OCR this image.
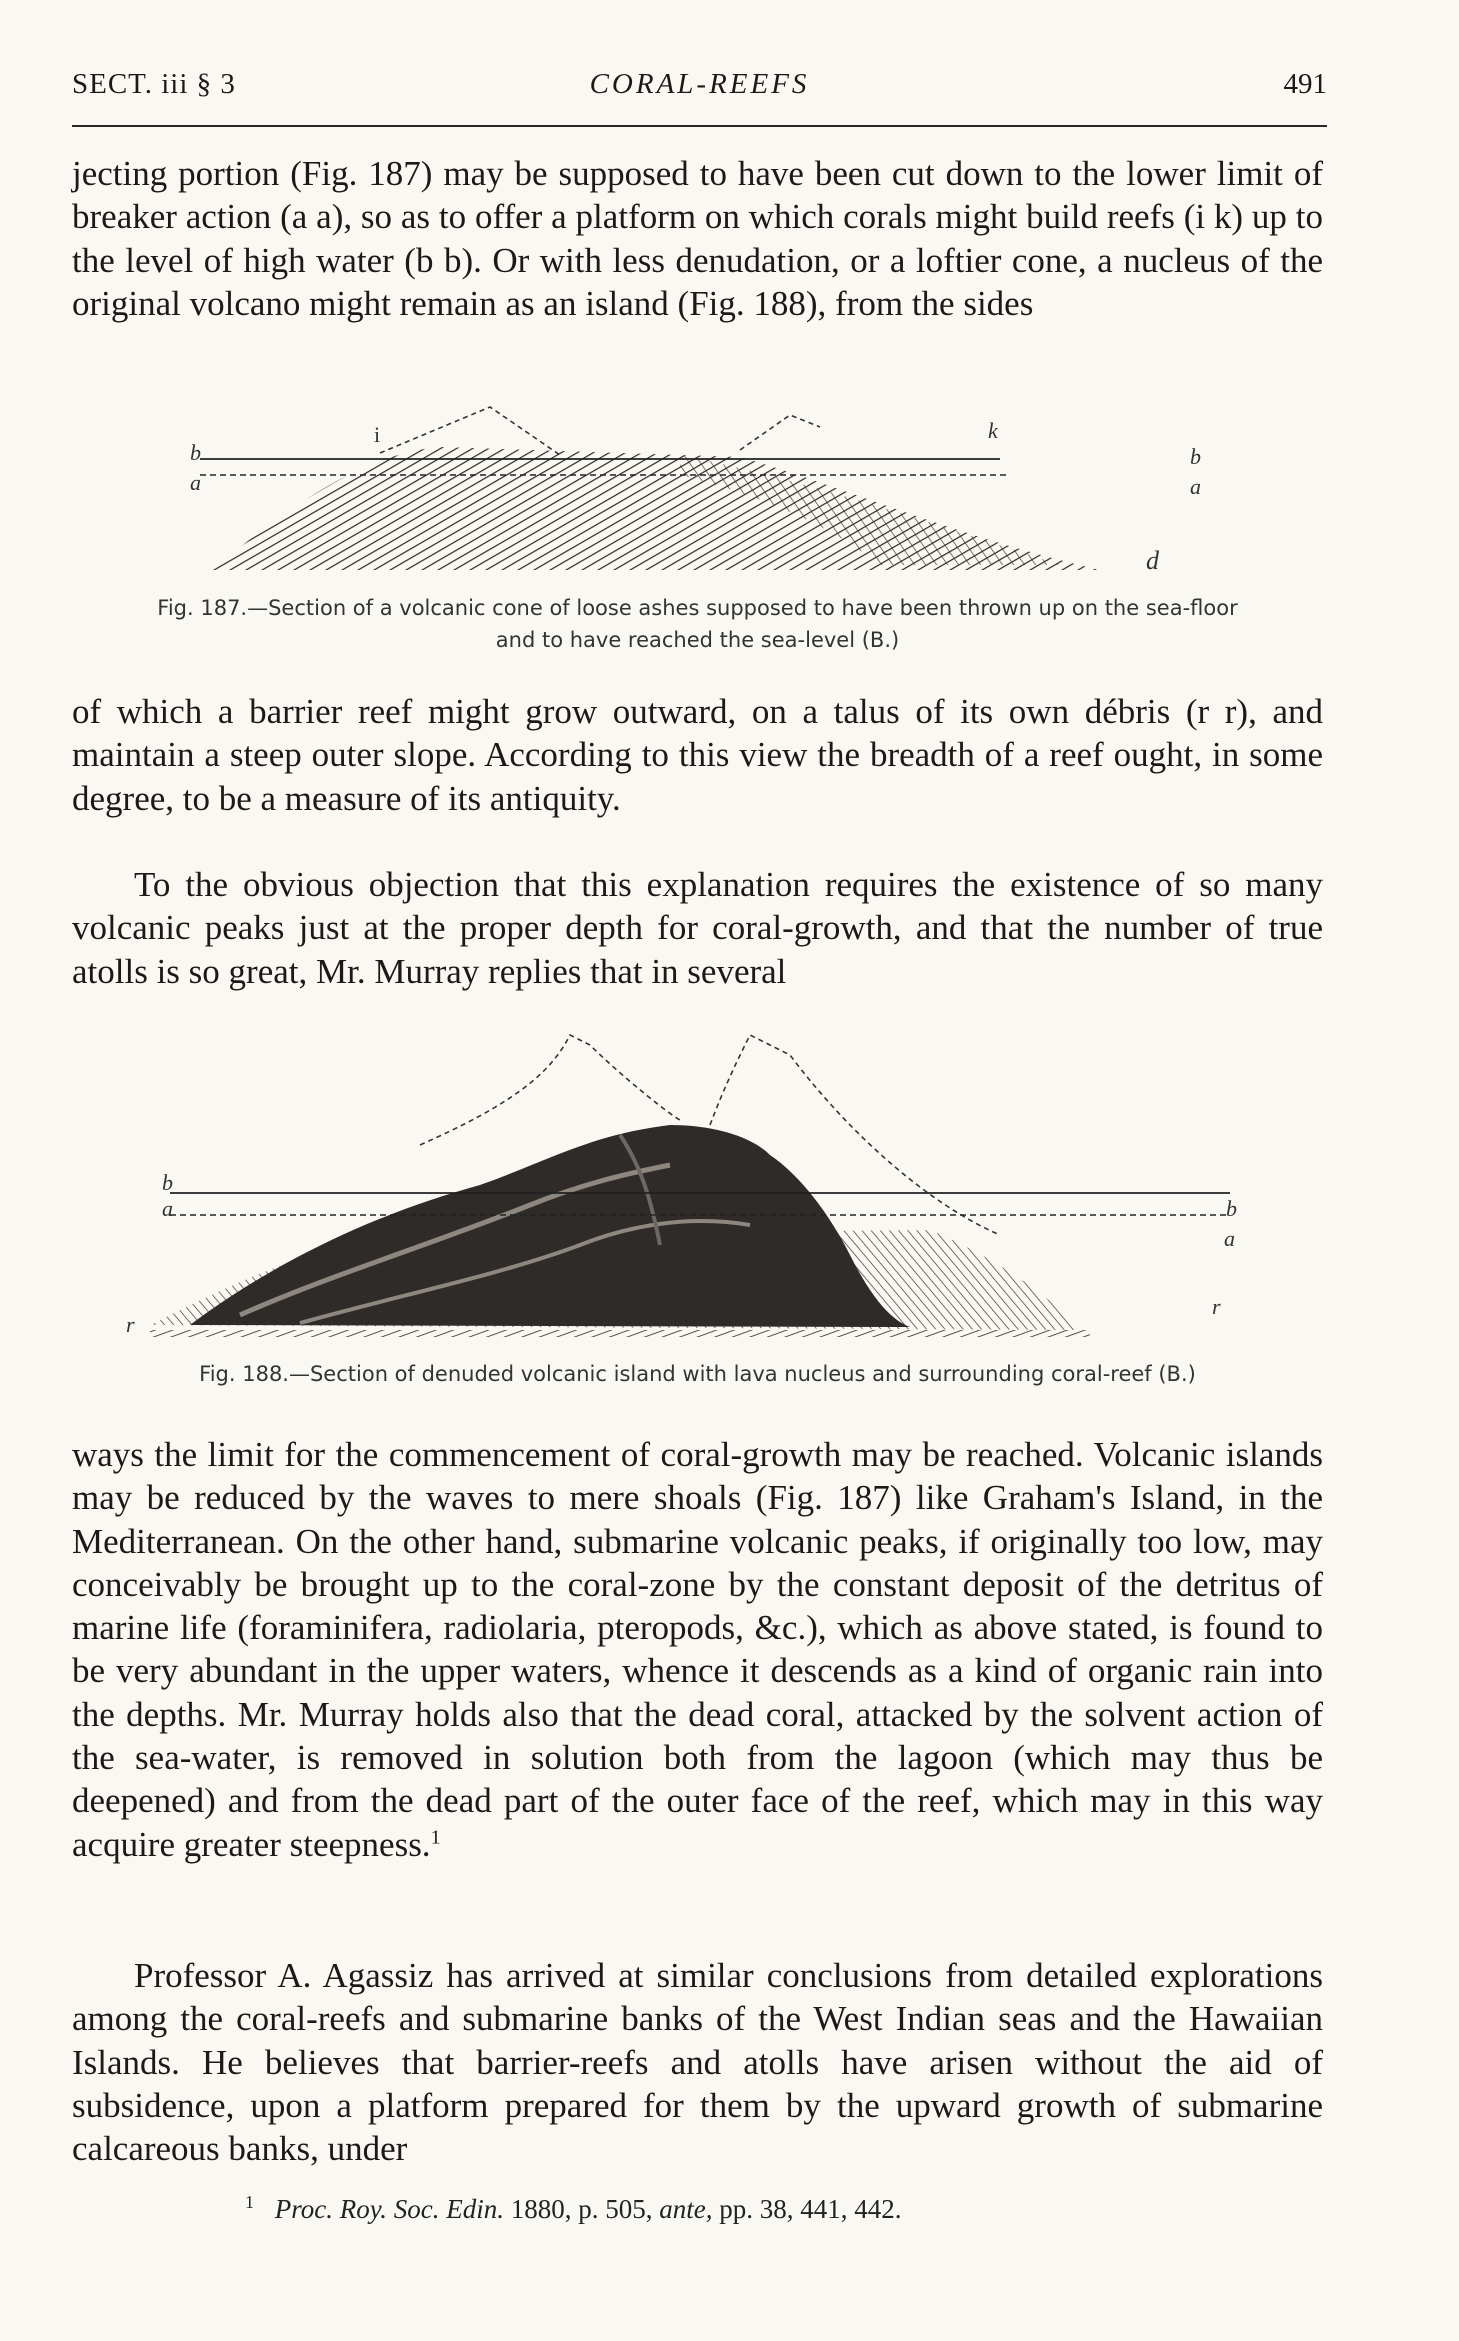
SECT. iii § 3	CORAL-REEFS	491

jecting portion (Fig. 187) may be supposed to have been cut down to the lower limit of breaker action (a a), so as to offer a platform on which corals might build reefs (i k) up to the level of high water (b b). Or with less denudation, or a loftier cone, a nucleus of the original volcano might remain as an island (Fig. 188), from the sides

b
a
i	k
b
a
d
Fig. 187.—Section of a volcanic cone of loose ashes supposed to have been thrown up on the sea-floor
and to have reached the sea-level (B.)

of which a barrier reef might grow outward, on a talus of its own débris (r r), and maintain a steep outer slope. According to this view the breadth of a reef ought, in some degree, to be a measure of its antiquity.

To the obvious objection that this explanation requires the existence of so many volcanic peaks just at the proper depth for coral-growth, and that the number of true atolls is so great, Mr. Murray replies that in several

b
a
r
b
a
r
Fig. 188.—Section of denuded volcanic island with lava nucleus and surrounding coral-reef (B.)

ways the limit for the commencement of coral-growth may be reached. Volcanic islands may be reduced by the waves to mere shoals (Fig. 187) like Graham's Island, in the Mediterranean. On the other hand, submarine volcanic peaks, if originally too low, may conceivably be brought up to the coral-zone by the constant deposit of the detritus of marine life (foraminifera, radiolaria, pteropods, &c.), which as above stated, is found to be very abundant in the upper waters, whence it descends as a kind of organic rain into the depths. Mr. Murray holds also that the dead coral, attacked by the solvent action of the sea-water, is removed in solution both from the lagoon (which may thus be deepened) and from the dead part of the outer face of the reef, which may in this way acquire greater steepness.$^1$

Professor A. Agassiz has arrived at similar conclusions from detailed explorations among the coral-reefs and submarine banks of the West Indian seas and the Hawaiian Islands. He believes that barrier-reefs and atolls have arisen without the aid of subsidence, upon a platform prepared for them by the upward growth of submarine calcareous banks, under

$^1$ Proc. Roy. Soc. Edin. 1880, p. 505, ante, pp. 38, 441, 442.
